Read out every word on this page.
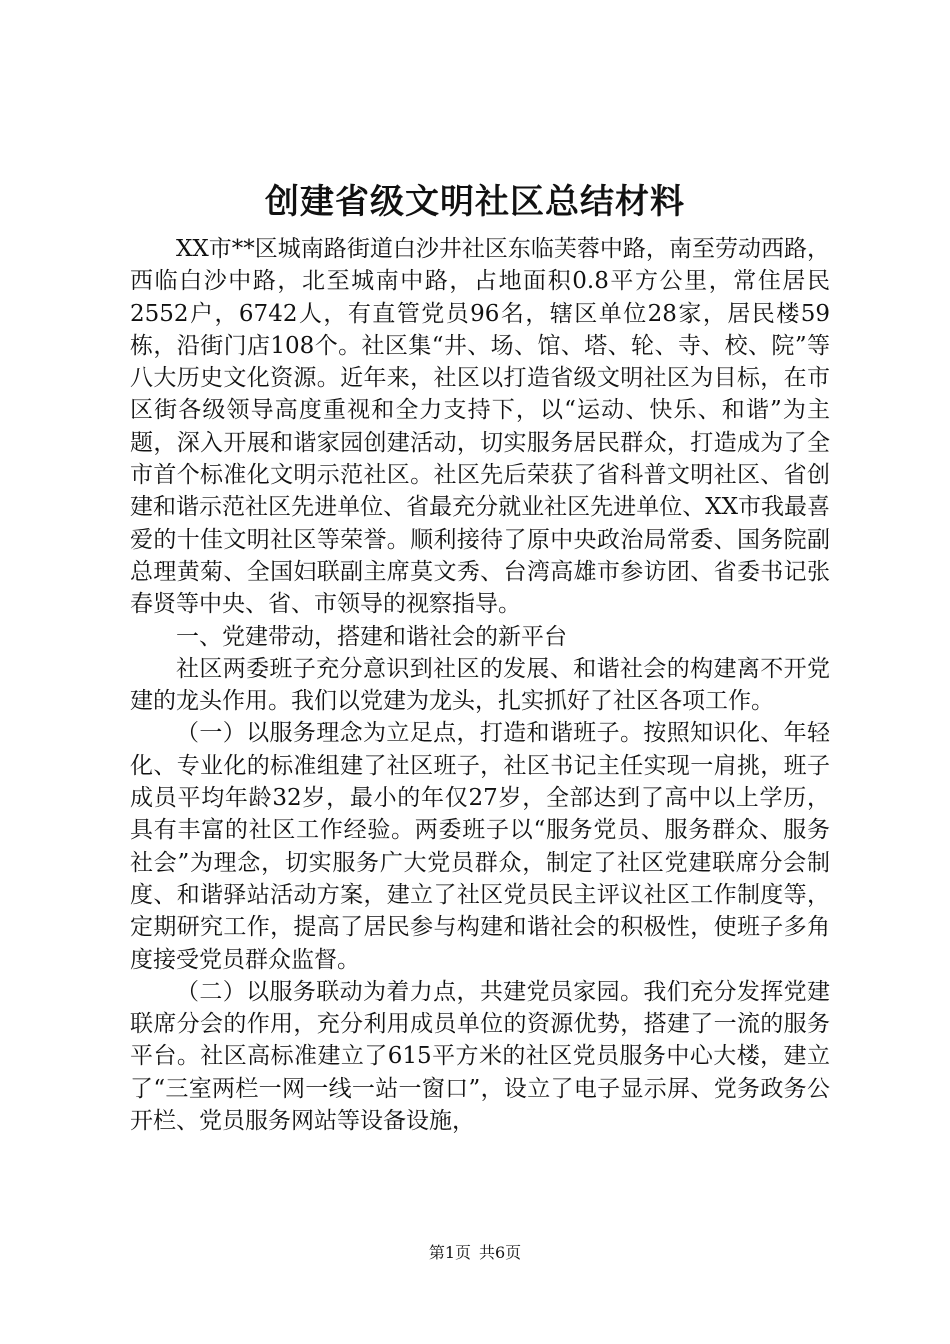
创建省级文明社区总结材料

XX市**区城南路街道白沙井社区东临芙蓉中路，南至劳动西路，西临白沙中路，北至城南中路，占地面积0.8平方公里，常住居民2552户，6742人，有直管党员96名，辖区单位28家，居民楼59栋，沿街门店108个。社区集“井、场、馆、塔、轮、寺、校、院”等八大历史文化资源。近年来，社区以打造省级文明社区为目标，在市区街各级领导高度重视和全力支持下，以“运动、快乐、和谐”为主题，深入开展和谐家园创建活动，切实服务居民群众，打造成为了全市首个标准化文明示范社区。社区先后荣获了省科普文明社区、省创建和谐示范社区先进单位、省最充分就业社区先进单位、XX市我最喜爱的十佳文明社区等荣誉。顺利接待了原中央政治局常委、国务院副总理黄菊、全国妇联副主席莫文秀、台湾高雄市参访团、省委书记张春贤等中央、省、市领导的视察指导。

一、党建带动，搭建和谐社会的新平台

社区两委班子充分意识到社区的发展、和谐社会的构建离不开党建的龙头作用。我们以党建为龙头，扎实抓好了社区各项工作。

（一）以服务理念为立足点，打造和谐班子。按照知识化、年轻化、专业化的标准组建了社区班子，社区书记主任实现一肩挑，班子成员平均年龄32岁，最小的年仅27岁，全部达到了高中以上学历，具有丰富的社区工作经验。两委班子以“服务党员、服务群众、服务社会”为理念，切实服务广大党员群众，制定了社区党建联席分会制度、和谐驿站活动方案，建立了社区党员民主评议社区工作制度等，定期研究工作，提高了居民参与构建和谐社会的积极性，使班子多角度接受党员群众监督。

（二）以服务联动为着力点，共建党员家园。我们充分发挥党建联席分会的作用，充分利用成员单位的资源优势，搭建了一流的服务平台。社区高标准建立了615平方米的社区党员服务中心大楼，建立了“三室两栏一网一线一站一窗口”，设立了电子显示屏、党务政务公开栏、党员服务网站等设备设施，

第1页 共6页
